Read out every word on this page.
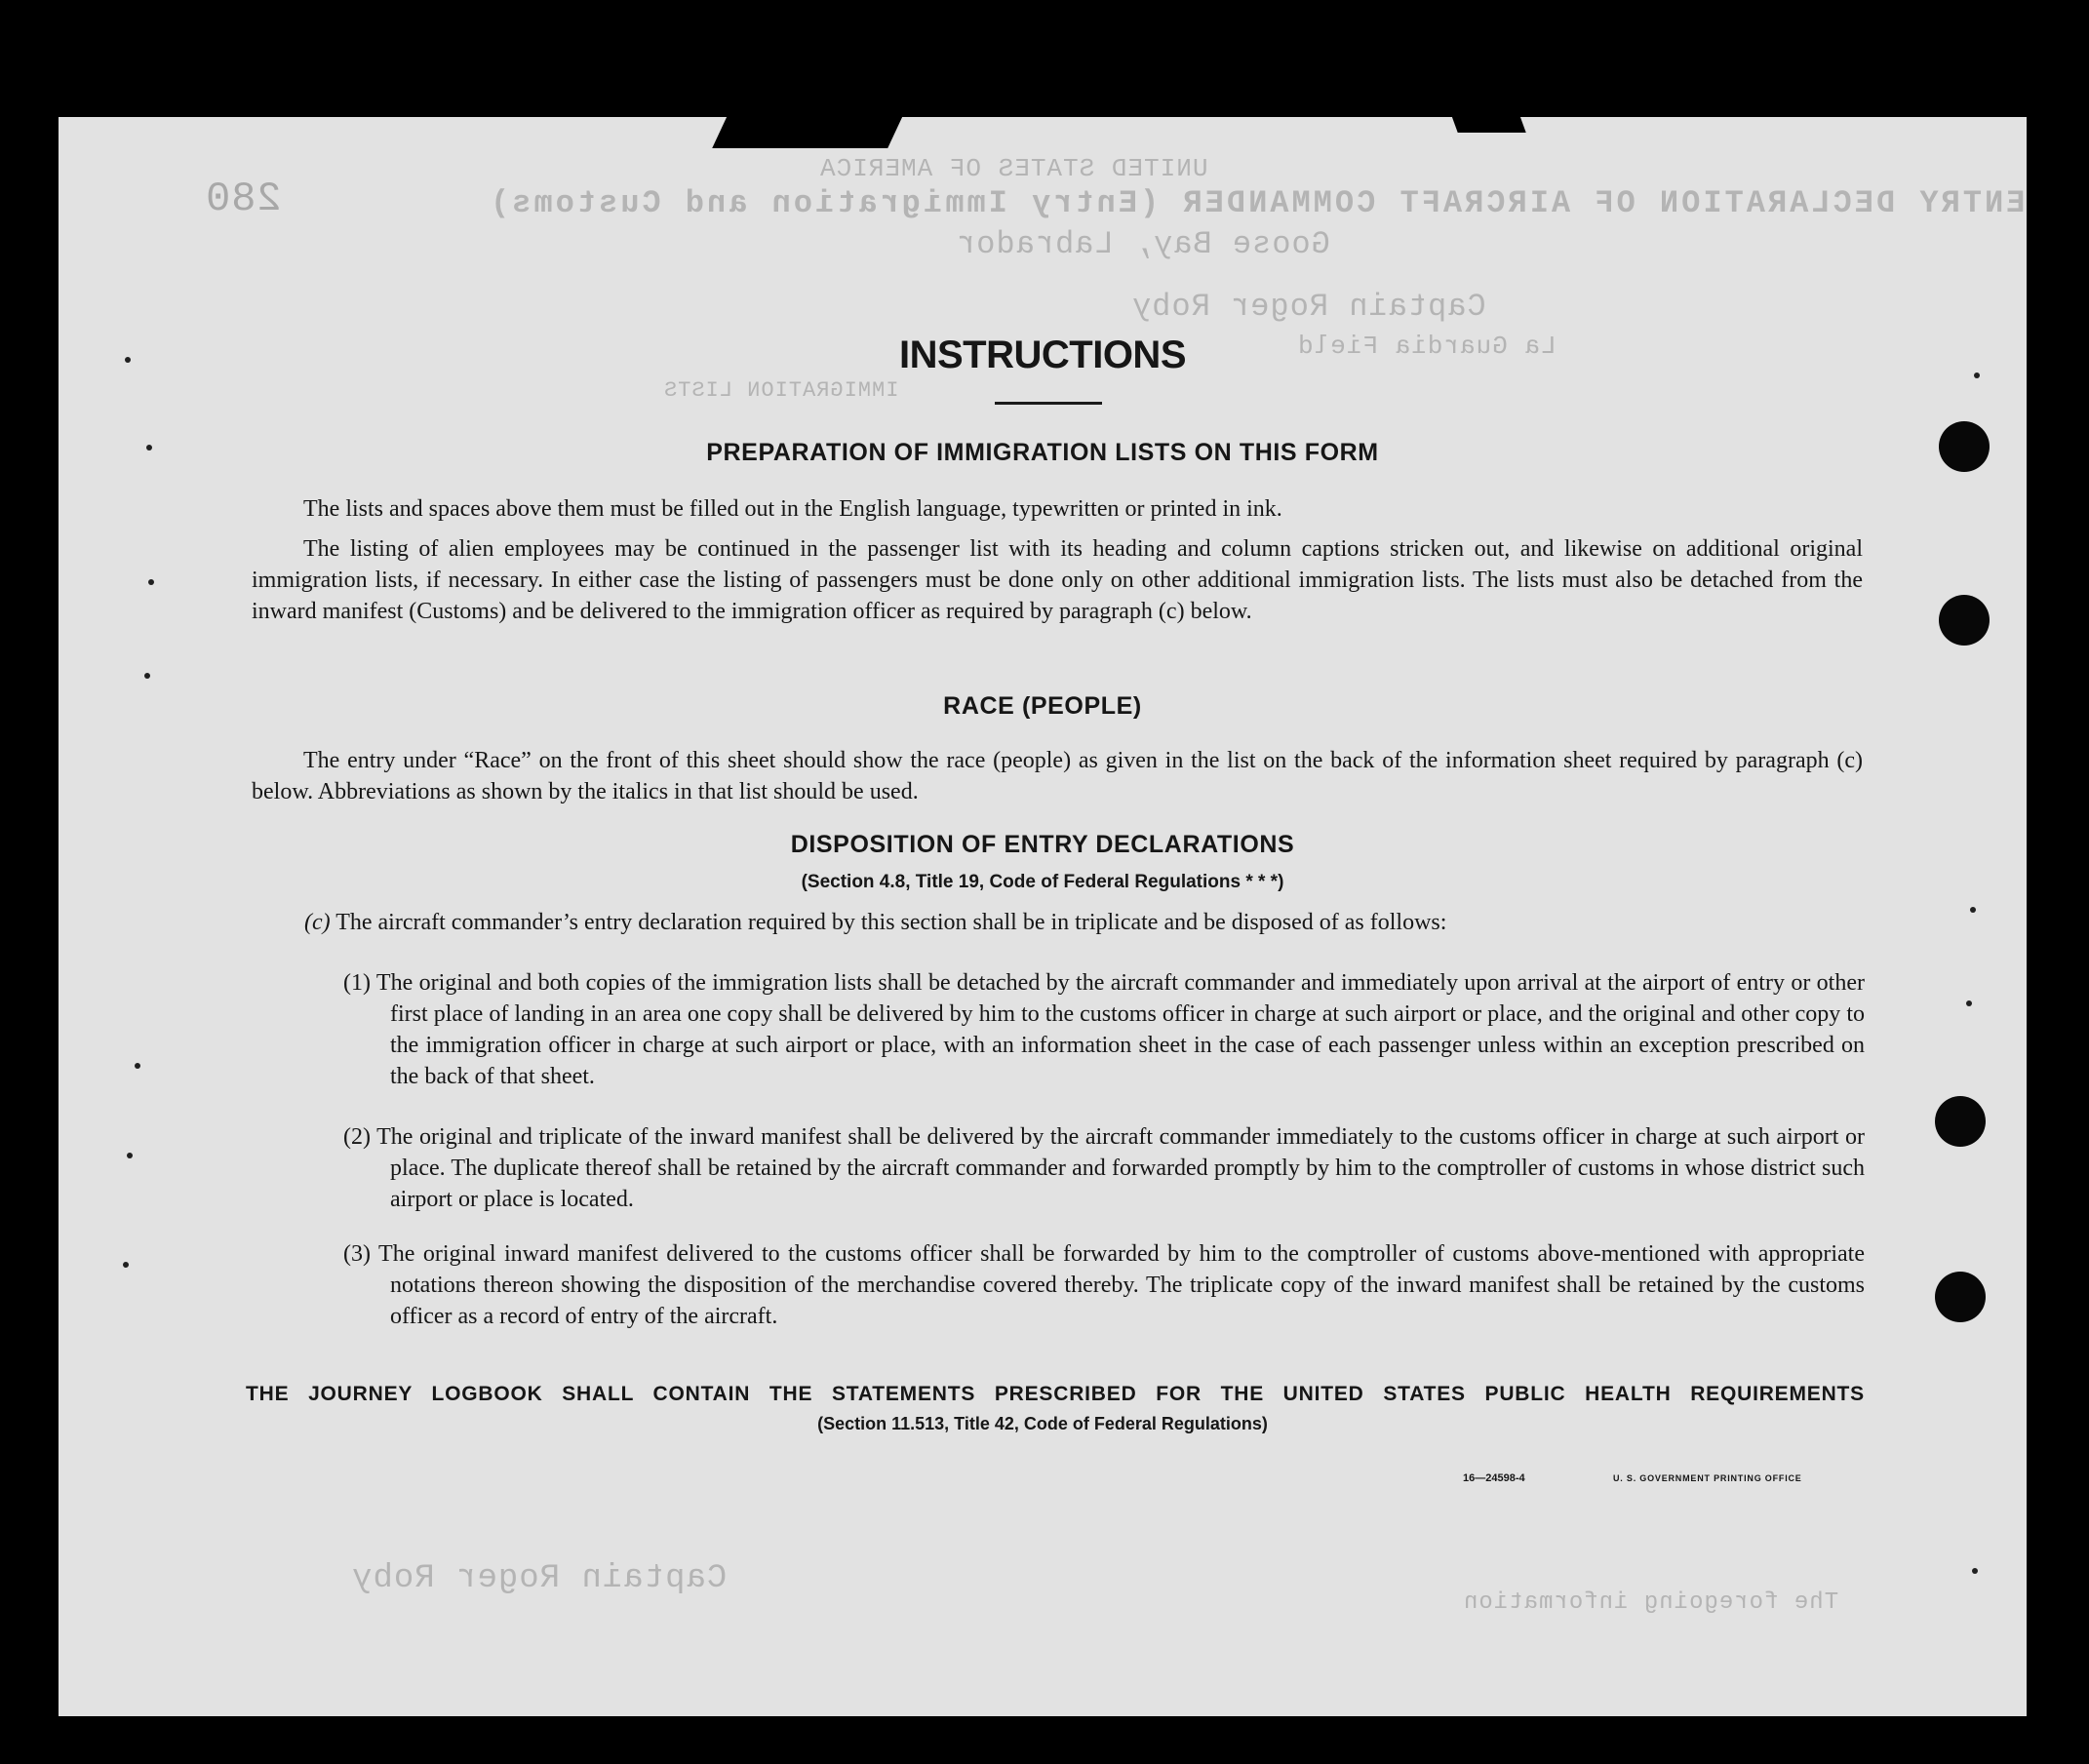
UNITED STATES OF AMERICA
ENTRY DECLARATION OF AIRCRAFT COMMANDER (Entry Immigration and Customs)
Goose Bay, Labrador
Captain Roger Roby
La Guardia Field
IMMIGRATION LISTS
280
Captain Roger Roby
The foregoing information
INSTRUCTIONS
PREPARATION OF IMMIGRATION LISTS ON THIS FORM
The lists and spaces above them must be filled out in the English language, typewritten or printed in ink.
The listing of alien employees may be continued in the passenger list with its heading and column captions stricken out, and likewise on additional original immigration lists, if necessary. In either case the listing of passengers must be done only on other additional immigration lists. The lists must also be detached from the inward manifest (Customs) and be delivered to the immigration officer as required by paragraph (c) below.
RACE (PEOPLE)
The entry under “Race” on the front of this sheet should show the race (people) as given in the list on the back of the information sheet required by paragraph (c) below. Abbreviations as shown by the italics in that list should be used.
DISPOSITION OF ENTRY DECLARATIONS
(Section 4.8, Title 19, Code of Federal Regulations * * *)
(c) The aircraft commander’s entry declaration required by this section shall be in triplicate and be disposed of as follows:
(1) The original and both copies of the immigration lists shall be detached by the aircraft commander and immediately upon arrival at the airport of entry or other first place of landing in an area one copy shall be delivered by him to the customs officer in charge at such airport or place, and the original and other copy to the immigration officer in charge at such airport or place, with an information sheet in the case of each passenger unless within an exception prescribed on the back of that sheet.
(2) The original and triplicate of the inward manifest shall be delivered by the aircraft commander immediately to the customs officer in charge at such airport or place. The duplicate thereof shall be retained by the aircraft commander and forwarded promptly by him to the comptroller of customs in whose district such airport or place is located.
(3) The original inward manifest delivered to the customs officer shall be forwarded by him to the comptroller of customs above-mentioned with appropriate notations thereon showing the disposition of the merchandise covered thereby. The triplicate copy of the inward manifest shall be retained by the customs officer as a record of entry of the aircraft.
THE JOURNEY LOGBOOK SHALL CONTAIN THE STATEMENTS PRESCRIBED FOR THE UNITED STATES PUBLIC HEALTH REQUIREMENTS
(Section 11.513, Title 42, Code of Federal Regulations)
16—24598-4	U. S. GOVERNMENT PRINTING OFFICE
